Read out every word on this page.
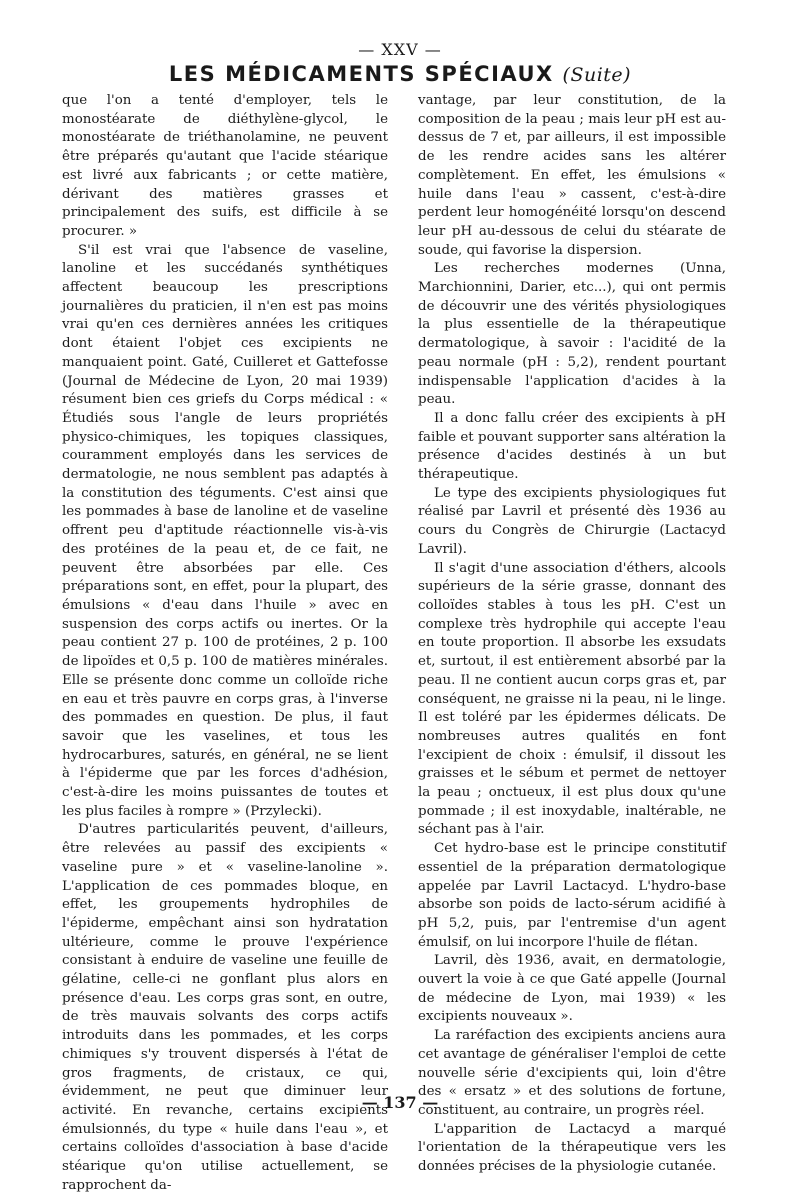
— XXV —
LES MÉDICAMENTS SPÉCIAUX (Suite)

que l'on a tenté d'employer, tels le monostéarate de diéthylène-glycol, le monostéarate de triéthanolamine, ne peuvent être préparés qu'autant que l'acide stéarique est livré aux fabricants ; or cette matière, dérivant des matières grasses et principalement des suifs, est difficile à se procurer. »

S'il est vrai que l'absence de vaseline, lanoline et les succédanés synthétiques affectent beaucoup les prescriptions journalières du praticien, il n'en est pas moins vrai qu'en ces dernières années les critiques dont étaient l'objet ces excipients ne manquaient point. Gaté, Cuilleret et Gattefosse (Journal de Médecine de Lyon, 20 mai 1939) résument bien ces griefs du Corps médical : « Étudiés sous l'angle de leurs propriétés physico-chimiques, les topiques classiques, couramment employés dans les services de dermatologie, ne nous semblent pas adaptés à la constitution des téguments. C'est ainsi que les pommades à base de lanoline et de vaseline offrent peu d'aptitude réactionnelle vis-à-vis des protéines de la peau et, de ce fait, ne peuvent être absorbées par elle. Ces préparations sont, en effet, pour la plupart, des émulsions « d'eau dans l'huile » avec en suspension des corps actifs ou inertes. Or la peau contient 27 p. 100 de protéines, 2 p. 100 de lipoïdes et 0,5 p. 100 de matières minérales. Elle se présente donc comme un colloïde riche en eau et très pauvre en corps gras, à l'inverse des pommades en question. De plus, il faut savoir que les vaselines, et tous les hydrocarbures, saturés, en général, ne se lient à l'épiderme que par les forces d'adhésion, c'est-à-dire les moins puissantes de toutes et les plus faciles à rompre » (Przylecki).

D'autres particularités peuvent, d'ailleurs, être relevées au passif des excipients « vaseline pure » et « vaseline-lanoline ». L'application de ces pommades bloque, en effet, les groupements hydrophiles de l'épiderme, empêchant ainsi son hydratation ultérieure, comme le prouve l'expérience consistant à enduire de vaseline une feuille de gélatine, celle-ci ne gonflant plus alors en présence d'eau. Les corps gras sont, en outre, de très mauvais solvants des corps actifs introduits dans les pommades, et les corps chimiques s'y trouvent dispersés à l'état de gros fragments, de cristaux, ce qui, évidemment, ne peut que diminuer leur activité. En revanche, certains excipients émulsionnés, du type « huile dans l'eau », et certains colloïdes d'association à base d'acide stéarique qu'on utilise actuellement, se rapprochent da-

vantage, par leur constitution, de la composition de la peau ; mais leur pH est au-dessus de 7 et, par ailleurs, il est impossible de les rendre acides sans les altérer complètement. En effet, les émulsions « huile dans l'eau » cassent, c'est-à-dire perdent leur homogénéité lorsqu'on descend leur pH au-dessous de celui du stéarate de soude, qui favorise la dispersion.

Les recherches modernes (Unna, Marchionnini, Darier, etc...), qui ont permis de découvrir une des vérités physiologiques la plus essentielle de la thérapeutique dermatologique, à savoir : l'acidité de la peau normale (pH : 5,2), rendent pourtant indispensable l'application d'acides à la peau.

Il a donc fallu créer des excipients à pH faible et pouvant supporter sans altération la présence d'acides destinés à un but thérapeutique.

Le type des excipients physiologiques fut réalisé par Lavril et présenté dès 1936 au cours du Congrès de Chirurgie (Lactacyd Lavril).

Il s'agit d'une association d'éthers, alcools supérieurs de la série grasse, donnant des colloïdes stables à tous les pH. C'est un complexe très hydrophile qui accepte l'eau en toute proportion. Il absorbe les exsudats et, surtout, il est entièrement absorbé par la peau. Il ne contient aucun corps gras et, par conséquent, ne graisse ni la peau, ni le linge. Il est toléré par les épidermes délicats. De nombreuses autres qualités en font l'excipient de choix : émulsif, il dissout les graisses et le sébum et permet de nettoyer la peau ; onctueux, il est plus doux qu'une pommade ; il est inoxydable, inaltérable, ne séchant pas à l'air.

Cet hydro-base est le principe constitutif essentiel de la préparation dermatologique appelée par Lavril Lactacyd. L'hydro-base absorbe son poids de lacto-sérum acidifié à pH 5,2, puis, par l'entremise d'un agent émulsif, on lui incorpore l'huile de flétan.

Lavril, dès 1936, avait, en dermatologie, ouvert la voie à ce que Gaté appelle (Journal de médecine de Lyon, mai 1939) « les excipients nouveaux ».

La raréfaction des excipients anciens aura cet avantage de généraliser l'emploi de cette nouvelle série d'excipients qui, loin d'être des « ersatz » et des solutions de fortune, constituent, au contraire, un progrès réel.

L'apparition de Lactacyd a marqué l'orientation de la thérapeutique vers les données précises de la physiologie cutanée.

— 137 —
